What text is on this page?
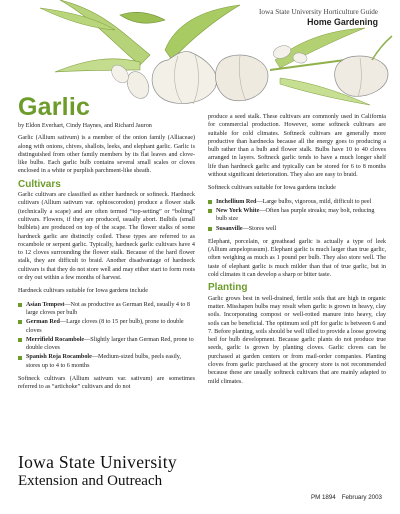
Iowa State University Horticulture Guide
Home Gardening
Garlic

by Eldon Everhart, Cindy Haynes, and Richard Jauron

Garlic (Allium sativum) is a member of the onion family (Alliaceae) along with onions, chives, shallots, leeks, and elephant garlic. Garlic is distinguished from other family members by its flat leaves and clove-like bulbs. Each garlic bulb contains several small scales or cloves enclosed in a white or purplish parchment-like sheath.

Cultivars

Garlic cultivars are classified as either hardneck or softneck. Hardneck cultivars (Allium sativum var. ophioscorodon) produce a flower stalk (technically a scape) and are often termed “top-setting” or “bolting” cultivars. Flowers, if they are produced, usually abort. Bulbils (small bulblets) are produced on top of the scape. The flower stalks of some hardneck garlic are distinctly coiled. These types are referred to as rocambole or serpent garlic. Typically, hardneck garlic cultivars have 4 to 12 cloves surrounding the flower stalk. Because of the hard flower stalk, they are difficult to braid. Another disadvantage of hardneck cultivars is that they do not store well and may either start to form roots or dry out within a few months of harvest.

Hardneck cultivars suitable for Iowa gardens include

Asian Tempest—Not as productive as German Red, usually 4 to 8 large cloves per bulb
German Red—Large cloves (8 to 15 per bulb), prone to double cloves
Merrifield Rocambole—Slightly larger than German Red, prone to double cloves
Spanish Roja Rocambole—Medium-sized bulbs, peels easily, stores up to 4 to 6 months

Softneck cultivars (Allium sativum var. sativum) are sometimes referred to as “artichoke” cultivars and do not

produce a seed stalk. These cultivars are commonly used in California for commercial production. However, some softneck cultivars are suitable for cold climates. Softneck cultivars are generally more productive than hardnecks because all the energy goes to producing a bulb rather than a bulb and flower stalk. Bulbs have 10 to 40 cloves arranged in layers. Softneck garlic tends to have a much longer shelf life than hardneck garlic and typically can be stored for 6 to 8 months without significant deterioration. They also are easy to braid.

Softneck cultivars suitable for Iowa gardens include

Inchellium Red—Large bulbs, vigorous, mild, difficult to peel
New York White—Often has purple streaks; may bolt, reducing bulb size
Susanville—Stores well

Elephant, porcelain, or greathead garlic is actually a type of leek (Allium ampeloprasum). Elephant garlic is much larger than true garlic, often weighing as much as 1 pound per bulb. They also store well. The taste of elephant garlic is much milder than that of true garlic, but in cold climates it can develop a sharp or bitter taste.

Planting

Garlic grows best in well-drained, fertile soils that are high in organic matter. Misshapen bulbs may result when garlic is grown in heavy, clay soils. Incorporating compost or well-rotted manure into heavy, clay soils can be beneficial. The optimum soil pH for garlic is between 6 and 7. Before planting, soils should be well tilled to provide a loose growing bed for bulb development. Because garlic plants do not produce true seeds, garlic is grown by planting cloves. Garlic cloves can be purchased at garden centers or from mail-order companies. Planting cloves from garlic purchased at the grocery store is not recommended because these are usually softneck cultivars that are mainly adapted to mild climates.

Iowa State University
Extension and Outreach
PM 1894 February 2003
